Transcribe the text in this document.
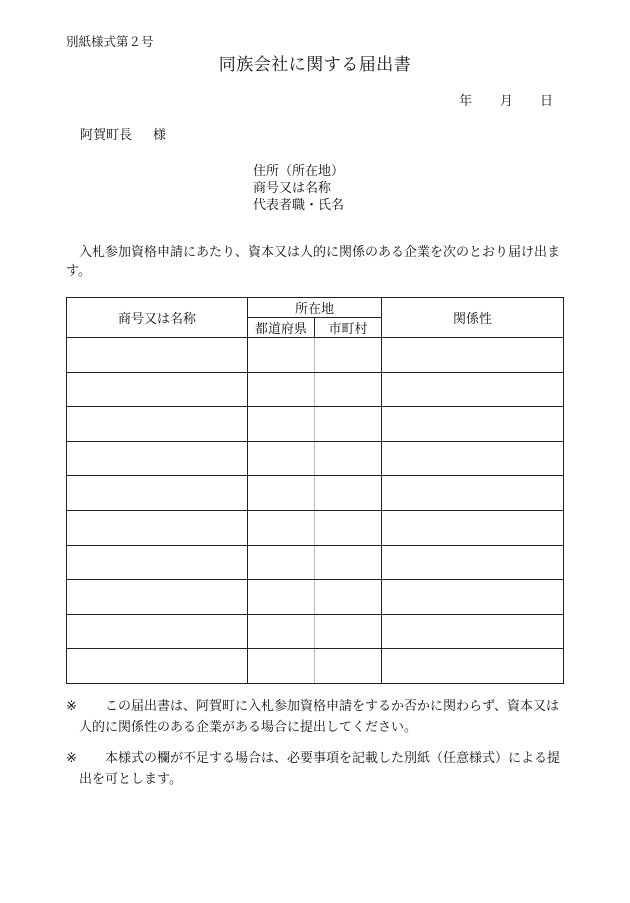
別紙様式第２号
同族会社に関する届出書
年 月 日
阿賀町長 様
住所（所在地）
商号又は名称
代表者職・氏名
入札参加資格申請にあたり、資本又は人的に関係のある企業を次のとおり届け出ます。
商号又は名称	所在地		関係性
	都道府県	市町村	

※	この届出書は、阿賀町に入札参加資格申請をするか否かに関わらず、資本又は人的に関係性のある企業がある場合に提出してください。
※	本様式の欄が不足する場合は、必要事項を記載した別紙（任意様式）による提出を可とします。
